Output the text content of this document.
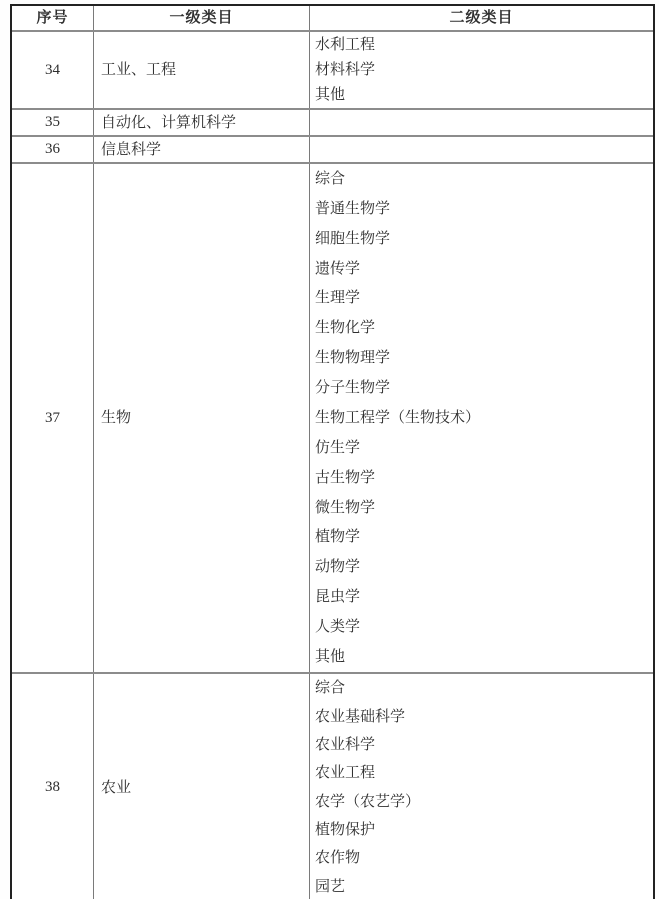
序号	一级类目	二级类目
34	工业、工程
水利工程
材料科学
其他
35	自动化、计算机科学
36	信息科学
37	生物
综合
普通生物学
细胞生物学
遗传学
生理学
生物化学
生物物理学
分子生物学
生物工程学（生物技术）
仿生学
古生物学
微生物学
植物学
动物学
昆虫学
人类学
其他
38	农业
综合
农业基础科学
农业科学
农业工程
农学（农艺学）
植物保护
农作物
园艺
